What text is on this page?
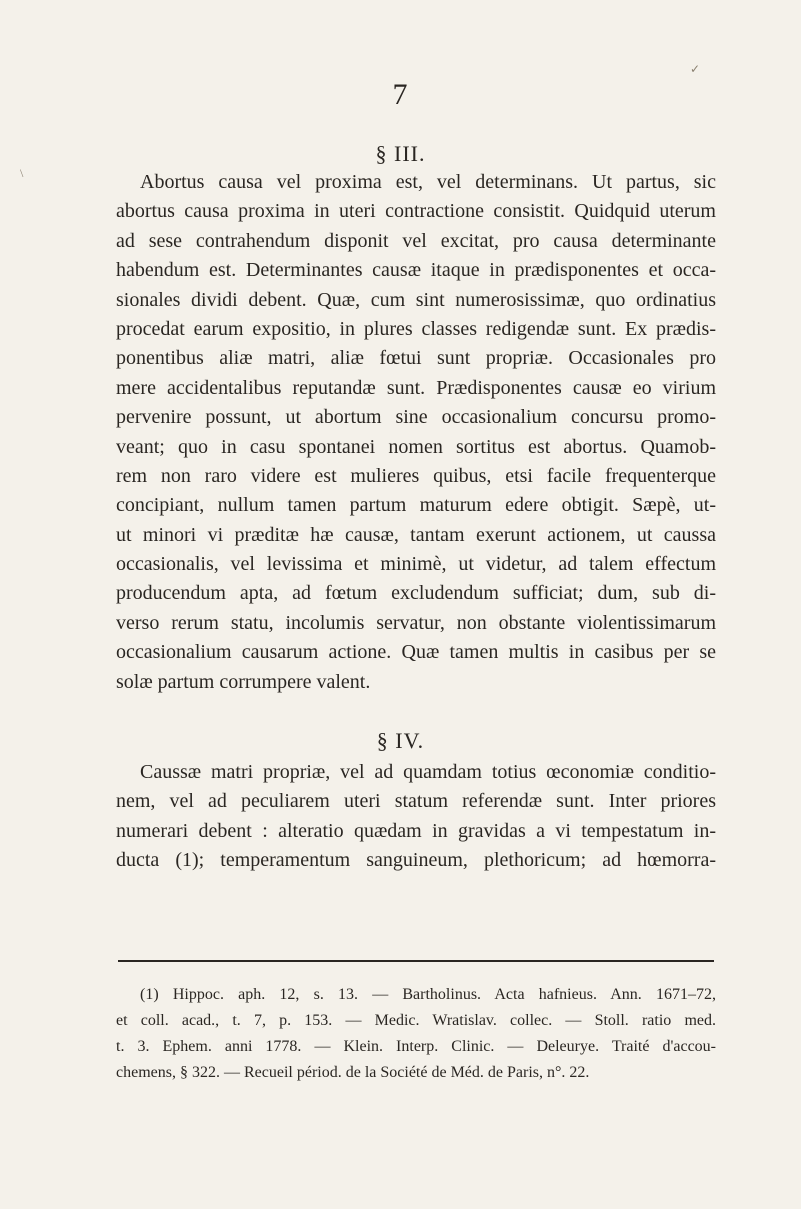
✓
\
7
§ III.
Abortus causa vel proxima est, vel determinans. Ut partus, sic
abortus causa proxima in uteri contractione consistit. Quidquid uterum
ad sese contrahendum disponit vel excitat, pro causa determinante
habendum est. Determinantes causæ itaque in prædisponentes et occa-
sionales dividi debent. Quæ, cum sint numerosissimæ, quo ordinatius
procedat earum expositio, in plures classes redigendæ sunt. Ex prædis-
ponentibus aliæ matri, aliæ fœtui sunt propriæ. Occasionales pro
mere accidentalibus reputandæ sunt. Prædisponentes causæ eo virium
pervenire possunt, ut abortum sine occasionalium concursu promo-
veant; quo in casu spontanei nomen sortitus est abortus. Quamob-
rem non raro videre est mulieres quibus, etsi facile frequenterque
concipiant, nullum tamen partum maturum edere obtigit. Sæpè, ut-
ut minori vi præditæ hæ causæ, tantam exerunt actionem, ut caussa
occasionalis, vel levissima et minimè, ut videtur, ad talem effectum
producendum apta, ad fœtum excludendum sufficiat; dum, sub di-
verso rerum statu, incolumis servatur, non obstante violentissimarum
occasionalium causarum actione. Quæ tamen multis in casibus per se
solæ partum corrumpere valent.
§ IV.
Caussæ matri propriæ, vel ad quamdam totius œconomiæ conditio-
nem, vel ad peculiarem uteri statum referendæ sunt. Inter priores
numerari debent : alteratio quædam in gravidas a vi tempestatum in-
ducta (1); temperamentum sanguineum, plethoricum; ad hœmorra-
(1) Hippoc. aph. 12, s. 13. — Bartholinus. Acta hafnieus. Ann. 1671–72,
et coll. acad., t. 7, p. 153. — Medic. Wratislav. collec. — Stoll. ratio med.
t. 3. Ephem. anni 1778. — Klein. Interp. Clinic. — Deleurye. Traité d'accou-
chemens, § 322. — Recueil périod. de la Société de Méd. de Paris, n°. 22.
